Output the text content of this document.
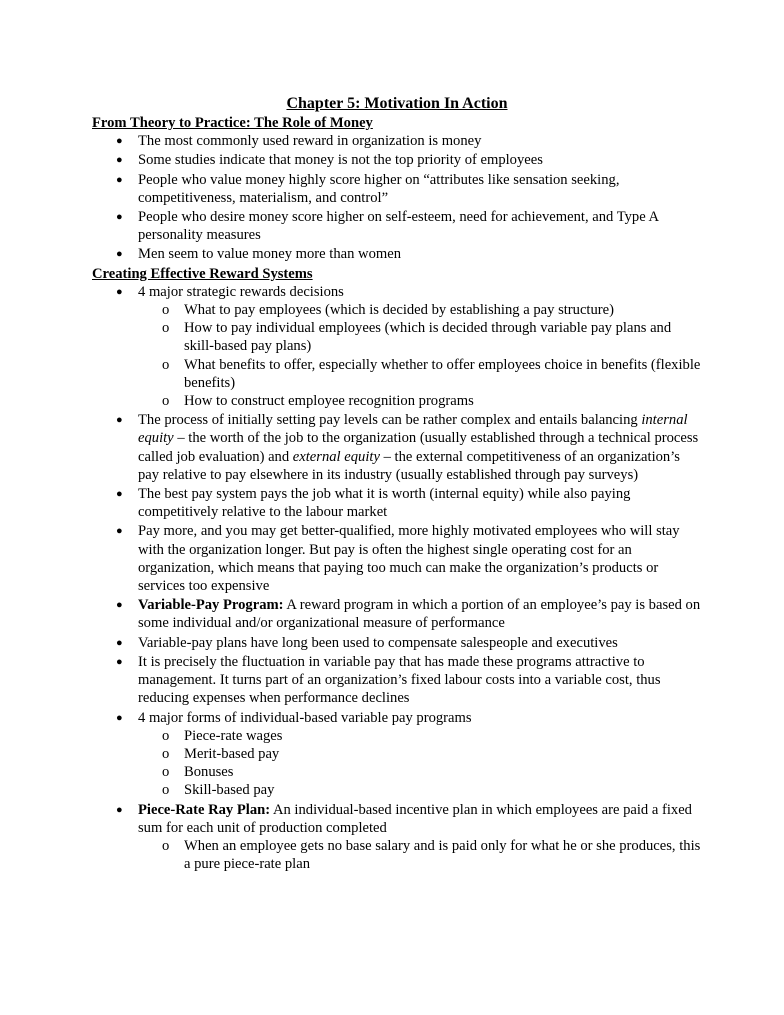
Chapter 5: Motivation In Action
From Theory to Practice: The Role of Money
● The most commonly used reward in organization is money
● Some studies indicate that money is not the top priority of employees
● People who value money highly score higher on “attributes like sensation seeking, competitiveness, materialism, and control”
● People who desire money score higher on self-esteem, need for achievement, and Type A personality measures
● Men seem to value money more than women
Creating Effective Reward Systems
● 4 major strategic rewards decisions
o What to pay employees (which is decided by establishing a pay structure)
o How to pay individual employees (which is decided through variable pay plans and skill-based pay plans)
o What benefits to offer, especially whether to offer employees choice in benefits (flexible benefits)
o How to construct employee recognition programs
● The process of initially setting pay levels can be rather complex and entails balancing internal equity – the worth of the job to the organization (usually established through a technical process called job evaluation) and external equity – the external competitiveness of an organization’s pay relative to pay elsewhere in its industry (usually established through pay surveys)
● The best pay system pays the job what it is worth (internal equity) while also paying competitively relative to the labour market
● Pay more, and you may get better-qualified, more highly motivated employees who will stay with the organization longer. But pay is often the highest single operating cost for an organization, which means that paying too much can make the organization’s products or services too expensive
● Variable-Pay Program: A reward program in which a portion of an employee’s pay is based on some individual and/or organizational measure of performance
● Variable-pay plans have long been used to compensate salespeople and executives
● It is precisely the fluctuation in variable pay that has made these programs attractive to management. It turns part of an organization’s fixed labour costs into a variable cost, thus reducing expenses when performance declines
● 4 major forms of individual-based variable pay programs
o Piece-rate wages
o Merit-based pay
o Bonuses
o Skill-based pay
● Piece-Rate Ray Plan: An individual-based incentive plan in which employees are paid a fixed sum for each unit of production completed
o When an employee gets no base salary and is paid only for what he or she produces, this a pure piece-rate plan
